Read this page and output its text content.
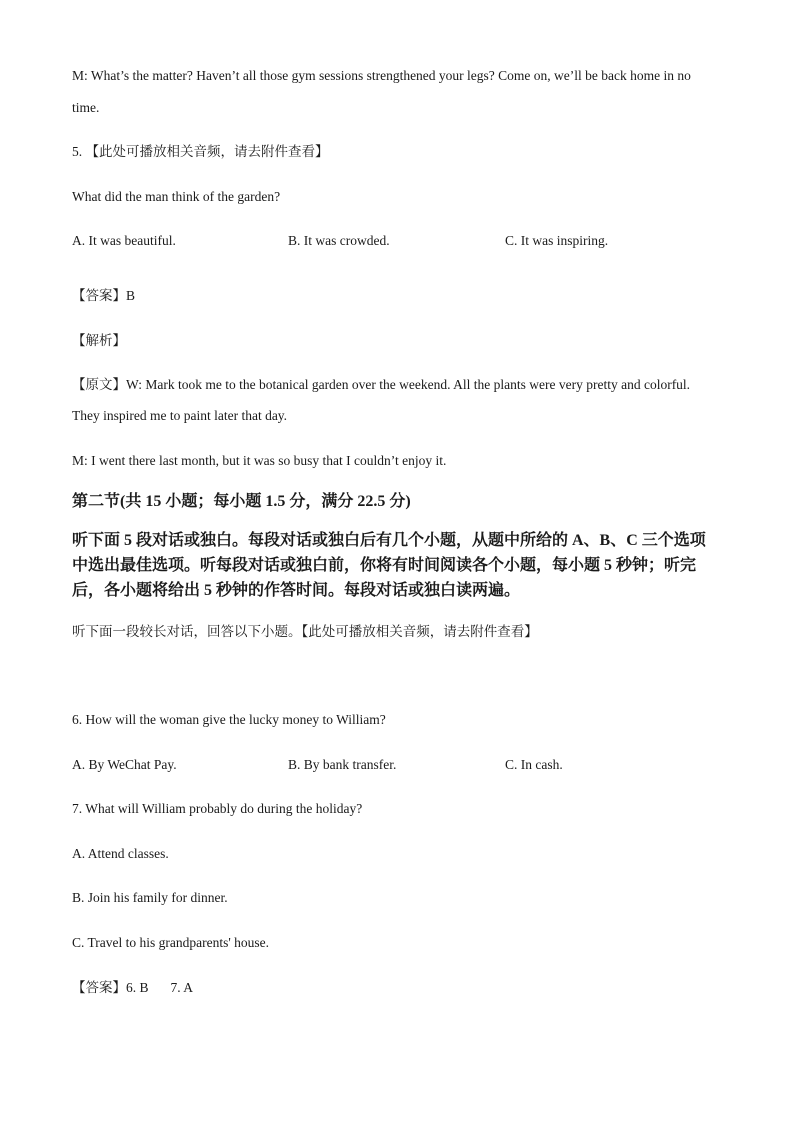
M: What’s the matter? Haven’t all those gym sessions strengthened your legs? Come on, we’ll be back home in no
time.
5. 【此处可播放相关音频，请去附件查看】
What did the man think of the garden?
A. It was beautiful.	B. It was crowded.	C. It was inspiring.
【答案】B
【解析】
【原文】W: Mark took me to the botanical garden over the weekend. All the plants were very pretty and colorful.
They inspired me to paint later that day.
M: I went there last month, but it was so busy that I couldn’t enjoy it.
第二节(共 15 小题；每小题 1.5 分，满分 22.5 分)
听下面 5 段对话或独白。每段对话或独白后有几个小题，从题中所给的 A、B、C 三个选项
中选出最佳选项。听每段对话或独白前，你将有时间阅读各个小题，每小题 5 秒钟；听完
后，各小题将给出 5 秒钟的作答时间。每段对话或独白读两遍。
听下面一段较长对话，回答以下小题。【此处可播放相关音频，请去附件查看】
6. How will the woman give the lucky money to William?
A. By WeChat Pay.	B. By bank transfer.	C. In cash.
7. What will William probably do during the holiday?
A. Attend classes.
B. Join his family for dinner.
C. Travel to his grandparents' house.
【答案】6. B 7. A
